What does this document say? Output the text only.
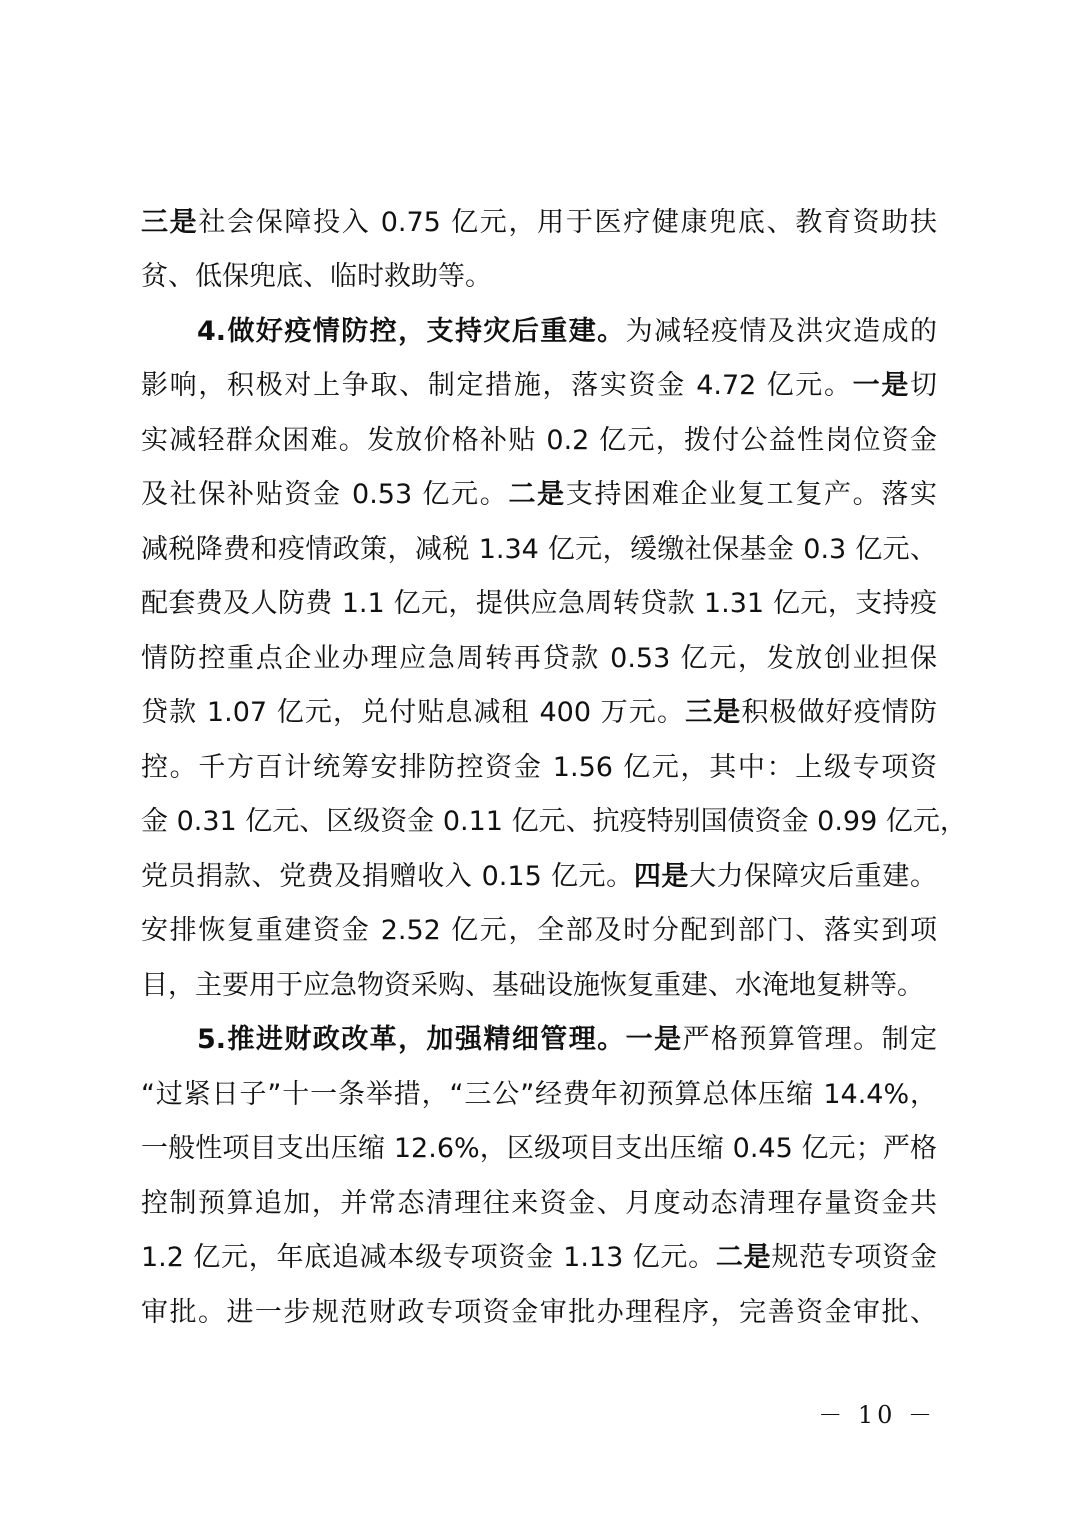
三是社会保障投入 0.75 亿元，用于医疗健康兜底、教育资助扶
贫、低保兜底、临时救助等。
4.做好疫情防控，支持灾后重建。为减轻疫情及洪灾造成的
影响，积极对上争取、制定措施，落实资金 4.72 亿元。一是切
实减轻群众困难。发放价格补贴 0.2 亿元，拨付公益性岗位资金
及社保补贴资金 0.53 亿元。二是支持困难企业复工复产。落实
减税降费和疫情政策，减税 1.34 亿元，缓缴社保基金 0.3 亿元、
配套费及人防费 1.1 亿元，提供应急周转贷款 1.31 亿元，支持疫
情防控重点企业办理应急周转再贷款 0.53 亿元，发放创业担保
贷款 1.07 亿元，兑付贴息减租 400 万元。三是积极做好疫情防
控。千方百计统筹安排防控资金 1.56 亿元，其中：上级专项资
金 0.31 亿元、区级资金 0.11 亿元、抗疫特别国债资金 0.99 亿元，
党员捐款、党费及捐赠收入 0.15 亿元。四是大力保障灾后重建。
安排恢复重建资金 2.52 亿元，全部及时分配到部门、落实到项
目，主要用于应急物资采购、基础设施恢复重建、水淹地复耕等。
5.推进财政改革，加强精细管理。一是严格预算管理。制定
“过紧日子”十一条举措，“三公”经费年初预算总体压缩 14.4%，
一般性项目支出压缩 12.6%，区级项目支出压缩 0.45 亿元；严格
控制预算追加，并常态清理往来资金、月度动态清理存量资金共
1.2 亿元，年底追减本级专项资金 1.13 亿元。二是规范专项资金
审批。进一步规范财政专项资金审批办理程序，完善资金审批、
－ 10 －
